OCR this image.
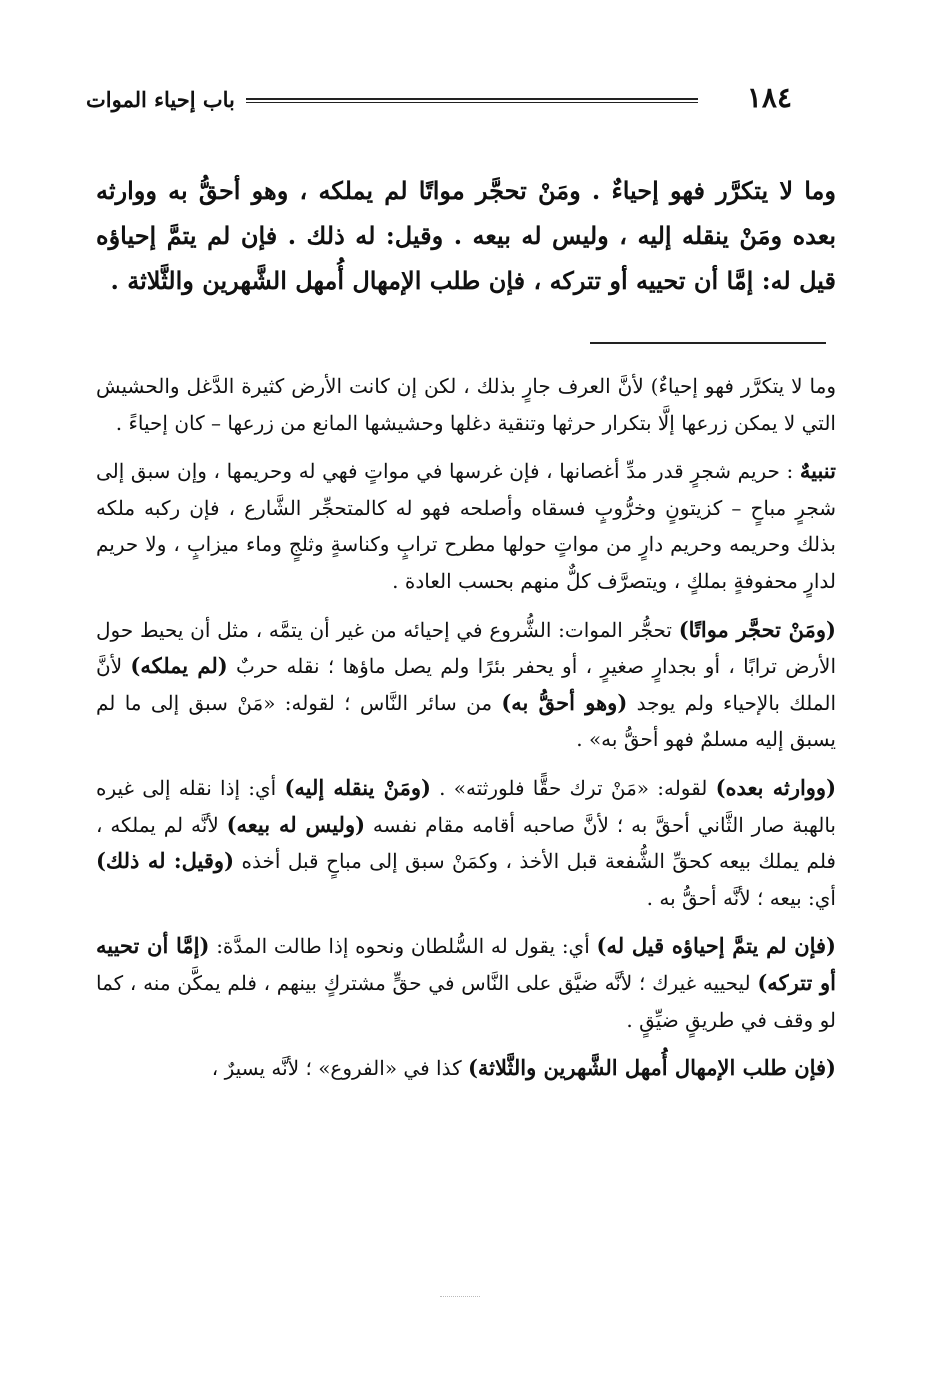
١٨٤
باب إحياء الموات
وما لا يتكرَّر فهو إحياءٌ . ومَنْ تحجَّر مواتًا لم يملكه ، وهو أحقُّ به ووارثه بعده ومَنْ ينقله إليه ، وليس له بيعه . وقيل: له ذلك . فإن لم يتمَّ إحياؤه قيل له: إمَّا أن تحييه أو تتركه ، فإن طلب الإمهال أُمهل الشَّهرين والثَّلاثة .

وما لا يتكرَّر فهو إحياءٌ) لأنَّ العرف جارٍ بذلك ، لكن إن كانت الأرض كثيرة الدَّغل والحشيش التي لا يمكن زرعها إلَّا بتكرار حرثها وتنقية دغلها وحشيشها المانع من زرعها – كان إحياءً .

تنبيهٌ : حريم شجرٍ قدر مدِّ أغصانها ، فإن غرسها في مواتٍ فهي له وحريمها ، وإن سبق إلى شجرٍ مباحٍ – كزيتونٍ وخرُّوبٍ فسقاه وأصلحه فهو له كالمتحجِّر الشَّارع ، فإن ركبه ملكه بذلك وحريمه وحريم دارٍ من مواتٍ حولها مطرح ترابٍ وكناسةٍ وثلجٍ وماء ميزابٍ ، ولا حريم لدارٍ محفوفةٍ بملكٍ ، ويتصرَّف كلٌّ منهم بحسب العادة .

(ومَنْ تحجَّر مواتًا) تحجُّر الموات: الشُّروع في إحيائه من غير أن يتمَّه ، مثل أن يحيط حول الأرض ترابًا ، أو بجدارٍ صغيرٍ ، أو يحفر بئرًا ولم يصل ماؤها ؛ نقله حربٌ (لم يملكه) لأنَّ الملك بالإحياء ولم يوجد (وهو أحقُّ به) من سائر النَّاس ؛ لقوله: «مَنْ سبق إلى ما لم يسبق إليه مسلمٌ فهو أحقُّ به» .

(ووارثه بعده) لقوله: «مَنْ ترك حقًّا فلورثته» . (ومَنْ ينقله إليه) أي: إذا نقله إلى غيره بالهبة صار الثَّاني أحقَّ به ؛ لأنَّ صاحبه أقامه مقام نفسه (وليس له بيعه) لأنَّه لم يملكه ، فلم يملك بيعه كحقِّ الشُّفعة قبل الأخذ ، وكمَنْ سبق إلى مباحٍ قبل أخذه (وقيل: له ذلك) أي: بيعه ؛ لأنَّه أحقُّ به .

(فإن لم يتمَّ إحياؤه قيل له) أي: يقول له السُّلطان ونحوه إذا طالت المدَّة: (إمَّا أن تحييه أو تتركه) ليحييه غيرك ؛ لأنَّه ضيَّق على النَّاس في حقٍّ مشتركٍ بينهم ، فلم يمكَّن منه ، كما لو وقف في طريقٍ ضيِّقٍ .

(فإن طلب الإمهال أُمهل الشَّهرين والثَّلاثة) كذا في «الفروع» ؛ لأنَّه يسيرٌ ،
